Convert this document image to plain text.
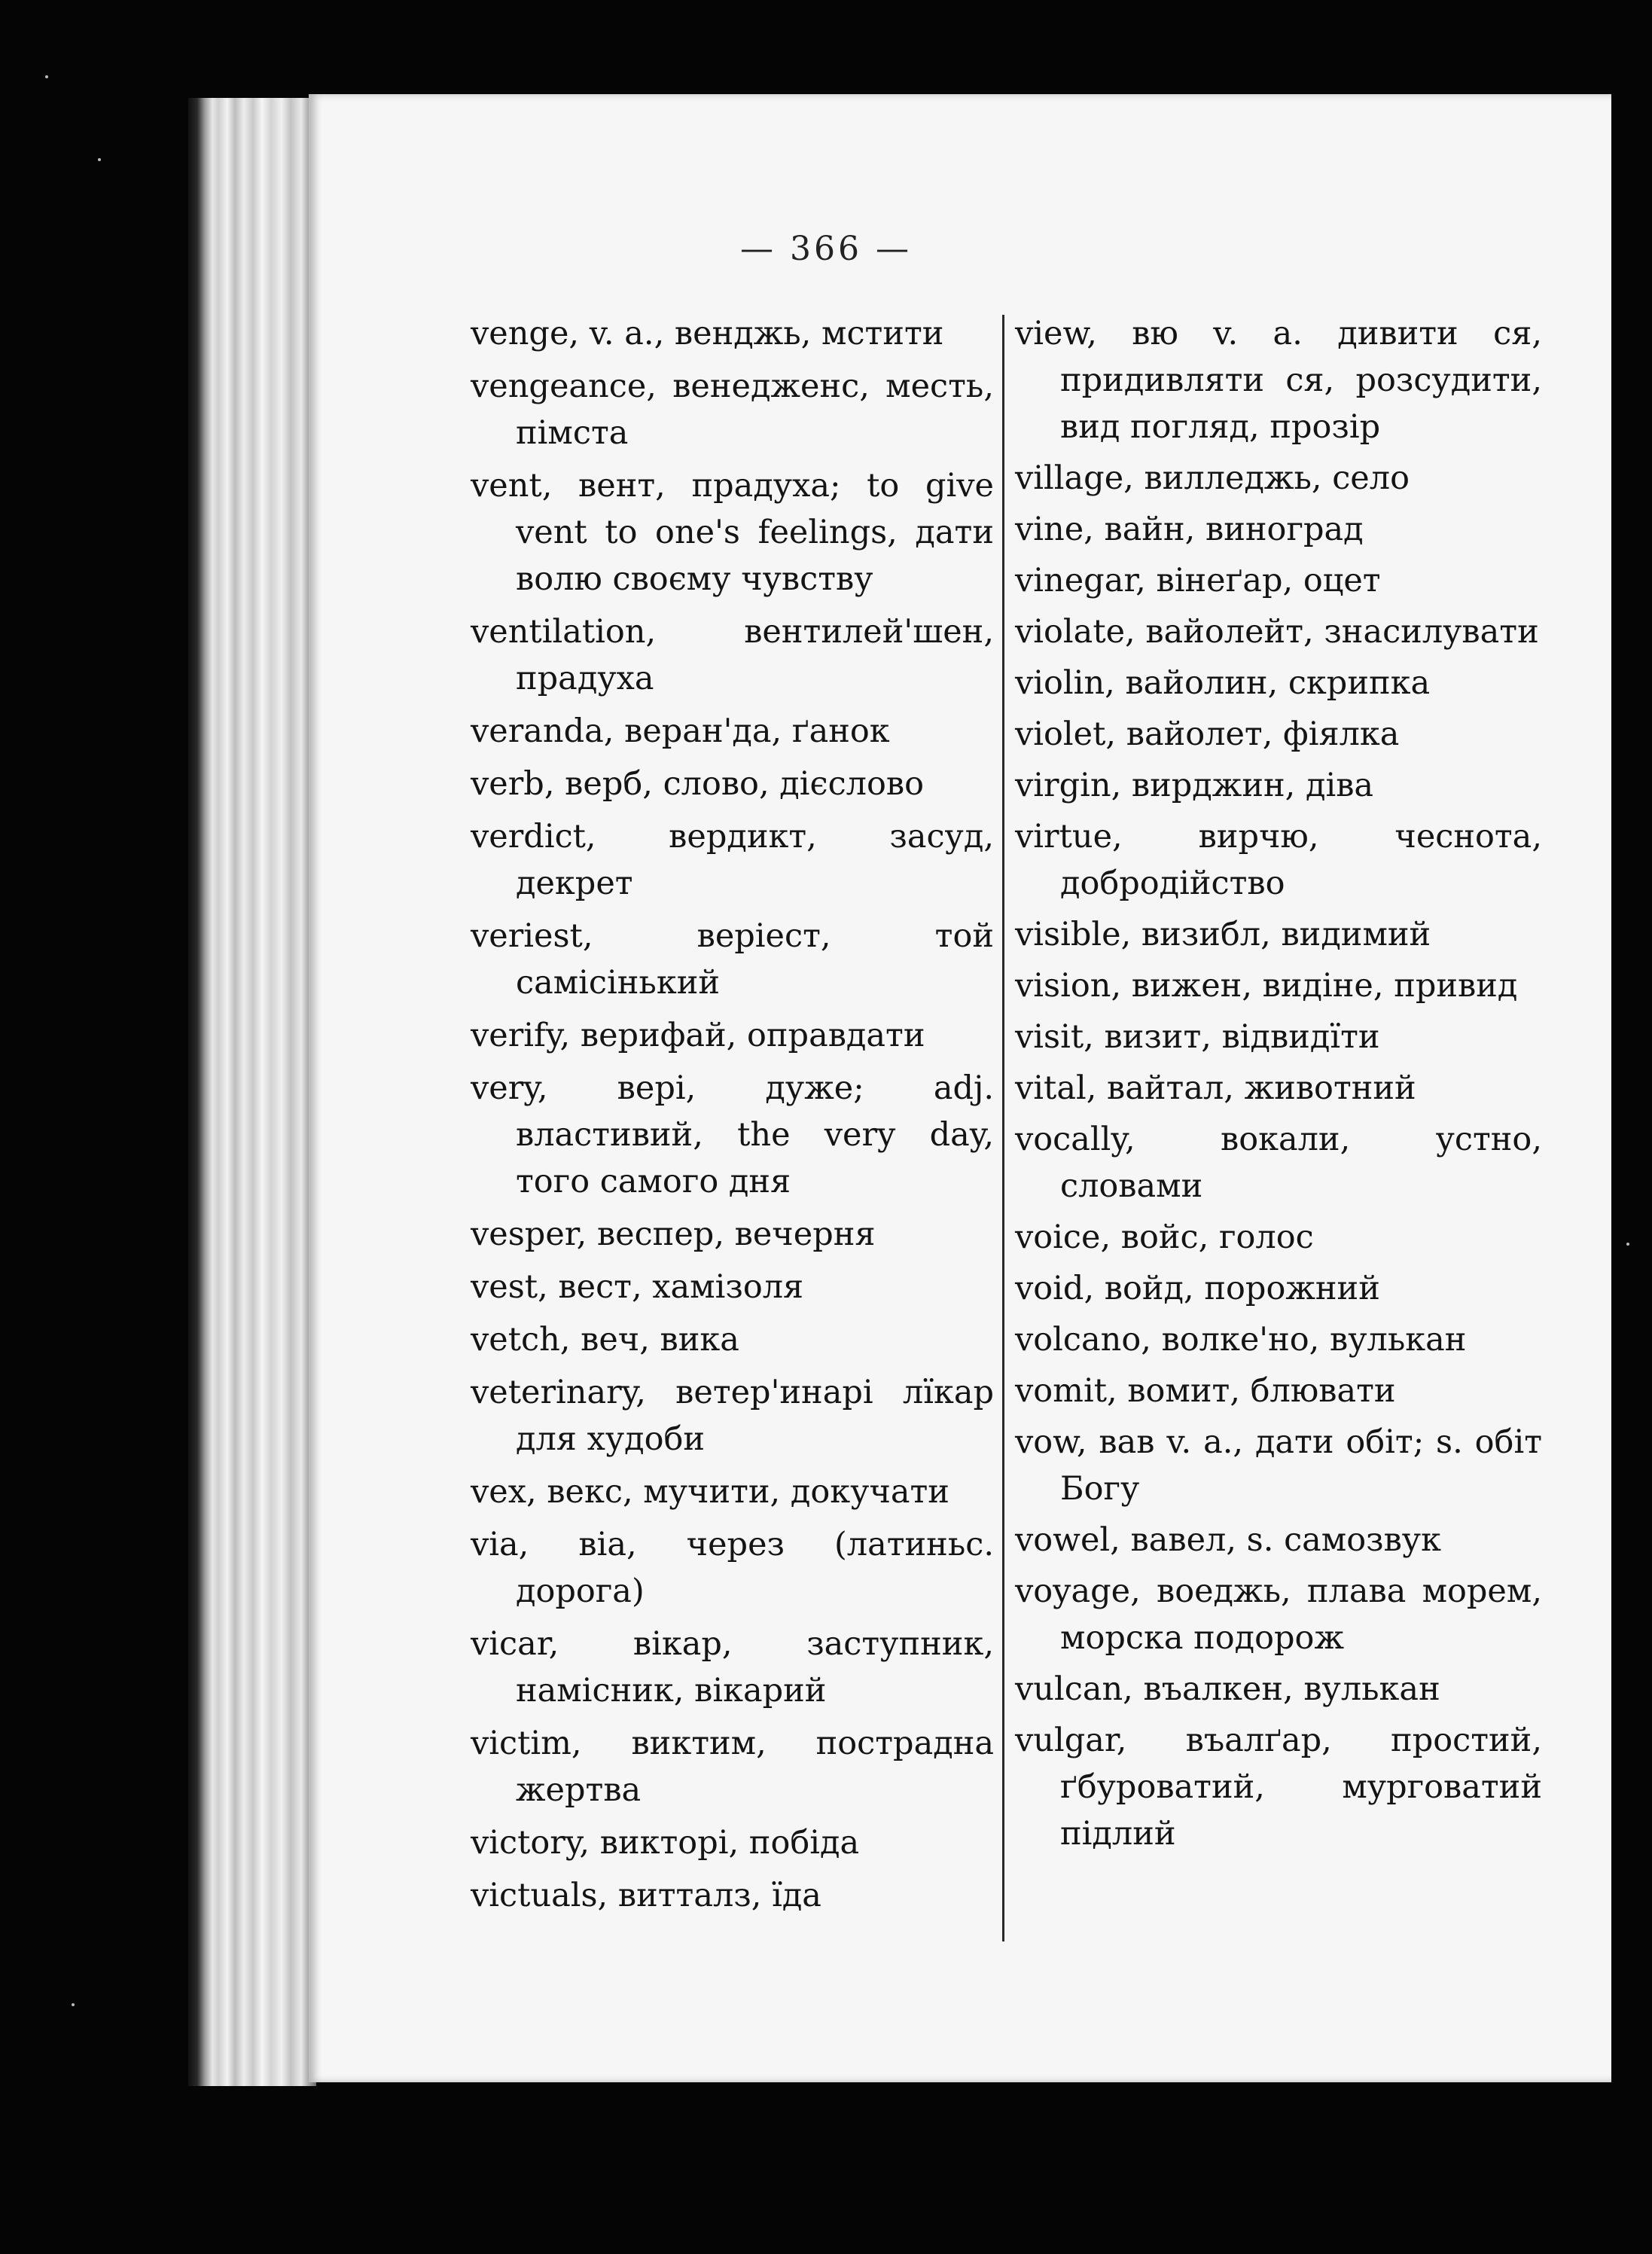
— 366 —
venge, v. a., венджь, мстити
vengeance, венедженс, месть, пімста
vent, вент, прадуха; to give vent to one's feelings, дати волю своєму чувству
ventilation, вентилей'шен, прадуха
veranda, веран'да, ґанок
verb, верб, слово, дієслово
verdict, вердикт, засуд, декрет
veriest, веріест, той самісінький
verify, верифай, оправдати
very, вері, дуже; adj. властивий, the very day, того самого дня
vesper, веспер, вечерня
vest, вест, хамізоля
vetch, веч, вика
veterinary, ветер'инарі лїкар для худоби
vex, векс, мучити, докучати
via, віа, через (латиньс. дорога)
vicar, вікар, заступник, намісник, вікарий
victim, виктим, пострадна жертва
victory, викторі, побіда
victuals, витталз, їда
view, вю v. a. дивити ся, придивляти ся, розсудити, вид погляд, прозір
village, вилледжь, село
vine, вайн, виноград
vinegar, вінеґар, оцет
violate, вайолейт, знасилувати
violin, вайолин, скрипка
violet, вайолет, фіялка
virgin, вирджин, діва
virtue, вирчю, чеснота, добродійство
visible, визибл, видимий
vision, вижен, видіне, привид
visit, визит, відвидїти
vital, вайтал, животний
vocally, вокали, устно, словами
voice, войс, голос
void, войд, порожний
volcano, волке'но, вулькан
vomit, вомит, блювати
vow, вав v. a., дати обіт; s. обіт Богу
vowel, вавел, s. самозвук
voyage, воеджь, плава морем, морска подорож
vulcan, въалкен, вулькан
vulgar, въалґар, простий, ґбуроватий, мурговатий підлий
